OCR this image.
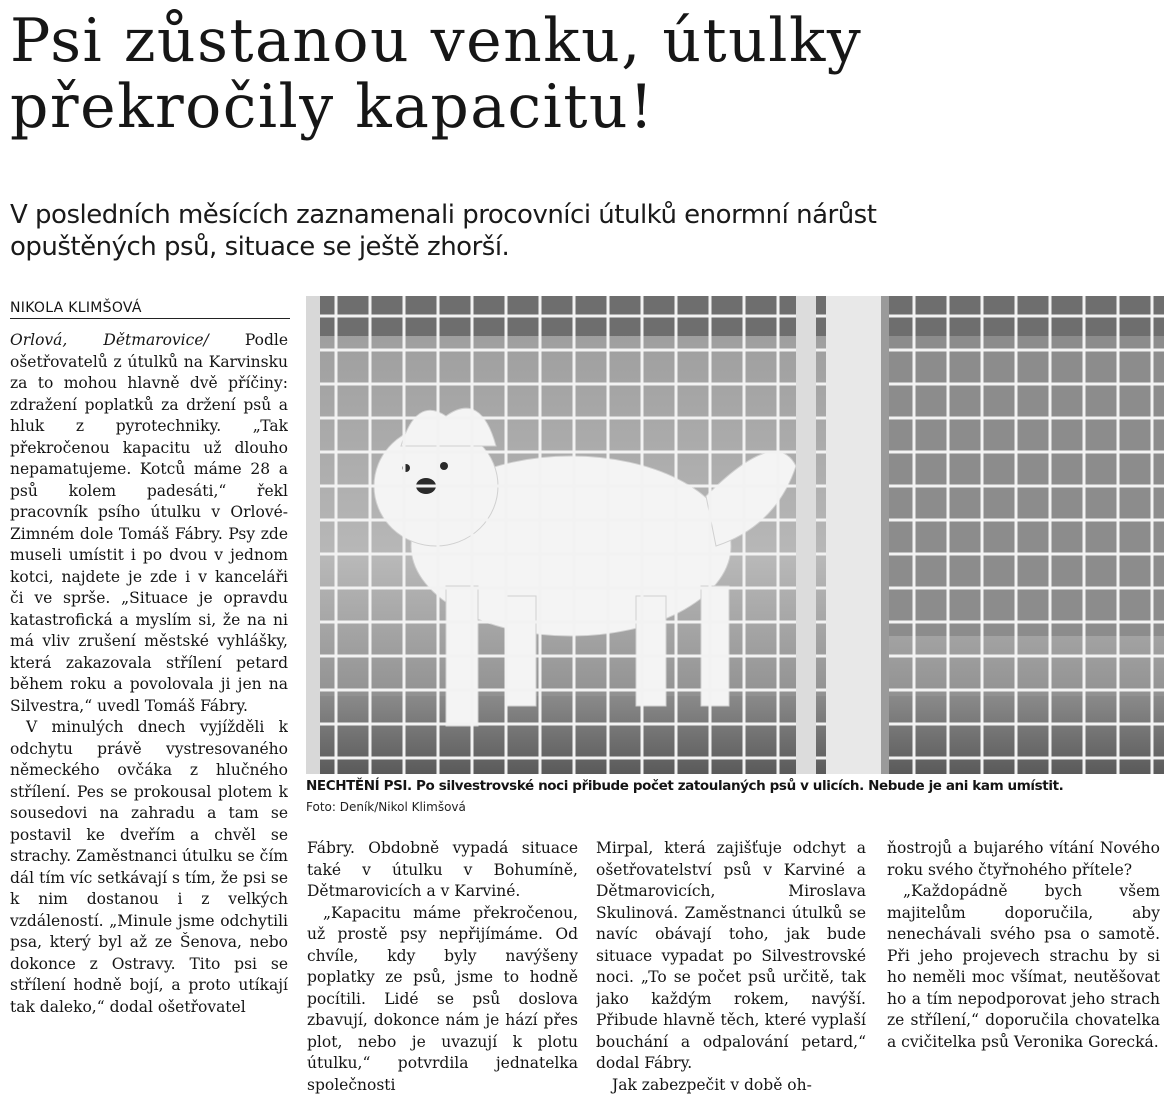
Psi zůstanou venku, útulky překročily kapacitu!
V posledních měsících zaznamenali procovníci útulků enormní nárůst opuštěných psů, situace se ještě zhorší.
NIKOLA KLIMŠOVÁ

Orlová, Dětmarovice/ Podle ošetřovatelů z útulků na Karvinsku za to mohou hlavně dvě příčiny: zdražení poplatků za držení psů a hluk z pyrotechniky. „Tak překročenou kapacitu už dlouho nepamatujeme. Kotců máme 28 a psů kolem padesáti,“ řekl pracovník psího útulku v Orlové-Zimném dole Tomáš Fábry. Psy zde museli umístit i po dvou v jednom kotci, najdete je zde i v kanceláři či ve sprše. „Situace je opravdu katastrofická a myslím si, že na ni má vliv zrušení městské vyhlášky, která zakazovala střílení petard během roku a povolovala ji jen na Silvestra,“ uvedl Tomáš Fábry.

V minulých dnech vyjížděli k odchytu právě vystresovaného německého ovčáka z hlučného střílení. Pes se prokousal plotem k sousedovi na zahradu a tam se postavil ke dveřím a chvěl se strachy. Zaměstnanci útulku se čím dál tím víc setkávají s tím, že psi se k nim dostanou i z velkých vzdáleností. „Minule jsme odchytili psa, který byl až ze Šenova, nebo dokonce z Ostravy. Tito psi se střílení hodně bojí, a proto utíkají tak daleko,“ dodal ošetřovatel

NECHTĚNÍ PSI. Po silvestrovské noci přibude počet zatoulaných psů v ulicích. Nebude je ani kam umístit.

Foto: Deník/Nikol Klimšová

Fábry. Obdobně vypadá situace také v útulku v Bohumíně, Dětmarovicích a v Karviné.

„Kapacitu máme překročenou, už prostě psy nepřijímáme. Od chvíle, kdy byly navýšeny poplatky ze psů, jsme to hodně pocítili. Lidé se psů doslova zbavují, dokonce nám je hází přes plot, nebo je uvazují k plotu útulku,“ potvrdila jednatelka společnosti

Mirpal, která zajišťuje odchyt a ošetřovatelství psů v Karviné a Dětmarovicích, Miroslava Skulinová. Zaměstnanci útulků se navíc obávají toho, jak bude situace vypadat po Silvestrovské noci. „To se počet psů určitě, tak jako každým rokem, navýší. Přibude hlavně těch, které vyplaší bouchání a odpalování petard,“ dodal Fábry.

Jak zabezpečit v době oh-

ňostrojů a bujarého vítání Nového roku svého čtyřnohého přítele?

„Každopádně bych všem majitelům doporučila, aby nenechávali svého psa o samotě. Při jeho projevech strachu by si ho neměli moc všímat, neutěšovat ho a tím nepodporovat jeho strach ze střílení,“ doporučila chovatelka a cvičitelka psů Veronika Gorecká.
